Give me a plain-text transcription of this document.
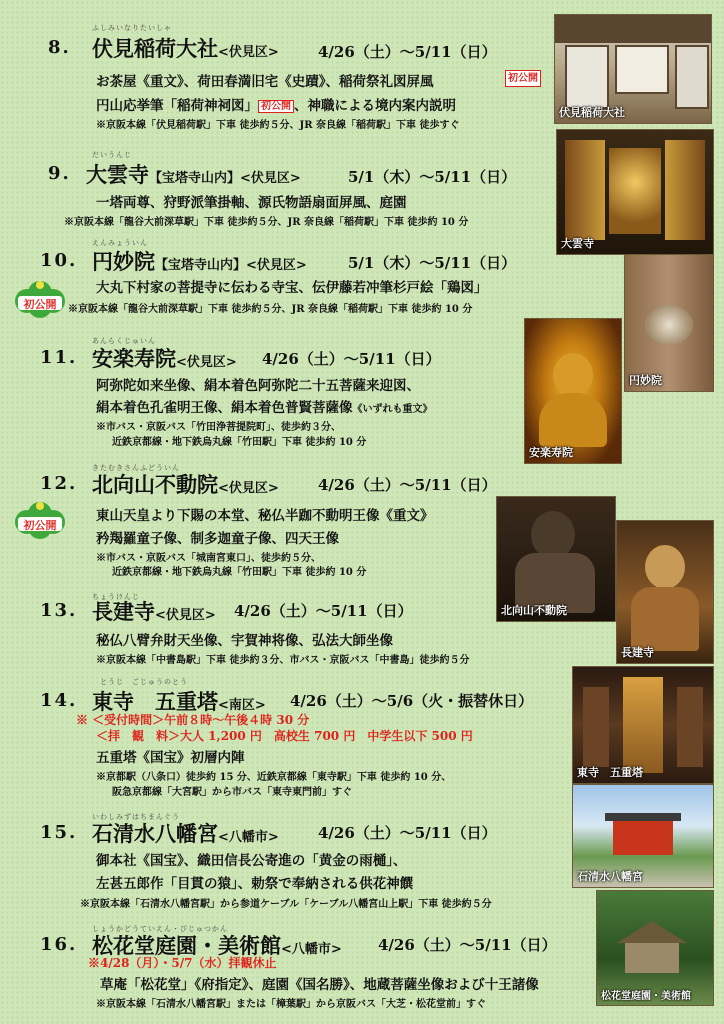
ふしみいなりたいしゃ
8. 伏見稲荷大社<伏見区>	4/26（土）～5/11（日）
お茶屋《重文》、荷田春満旧宅《史蹟》、稲荷祭礼図屏風	初公開
円山応挙筆「稲荷神祠図」 初公開 、神職による境内案内説明
※京阪本線「伏見稲荷駅」下車 徒歩約５分、JR 奈良線「稲荷駅」下車 徒歩すぐ
伏見稲荷大社
だいうんじ
9. 大雲寺【宝塔寺山内】<伏見区>	5/1（木）～5/11（日）
一塔両尊、狩野派筆掛軸、源氏物語扇面屏風、庭園
※京阪本線「龍谷大前深草駅」下車 徒歩約５分、JR 奈良線「稲荷駅」下車 徒歩約 10 分
大雲寺
えんみょういん
10. 円妙院【宝塔寺山内】<伏見区>	5/1（木）～5/11（日）
大丸下村家の菩提寺に伝わる寺宝、伝伊藤若冲筆杉戸絵「鶏図」
初公開	※京阪本線「龍谷大前深草駅」下車 徒歩約５分、JR 奈良線「稲荷駅」下車 徒歩約 10 分
円妙院
あんらくじゅいん
11. 安楽寿院<伏見区> 4/26（土）～5/11（日）
阿弥陀如来坐像、絹本着色阿弥陀二十五菩薩来迎図、
絹本着色孔雀明王像、絹本着色普賢菩薩像《いずれも重文》
※市バス・京阪バス「竹田浄菩提院町」、徒歩約３分、
近鉄京都線・地下鉄烏丸線「竹田駅」下車 徒歩約 10 分
安楽寿院
きたむきさんふどういん
12. 北向山不動院<伏見区>	4/26（土）～5/11（日）
初公開
東山天皇より下賜の本堂、秘仏半跏不動明王像《重文》
矜羯羅童子像、制多迦童子像、四天王像
※市バス・京阪バス「城南宮東口」、徒歩約５分、
近鉄京都線・地下鉄烏丸線「竹田駅」下車 徒歩約 10 分
北向山不動院
長建寺
ちょうけんじ
13. 長建寺<伏見区> 4/26（土）～5/11（日）
秘仏八臂弁財天坐像、宇賀神将像、弘法大師坐像
※京阪本線「中書島駅」下車 徒歩約３分、市バス・京阪バス「中書島」徒歩約５分
とうじ　ごじゅうのとう
14. 東寺　五重塔<南区> 4/26（土）～5/6（火・振替休日）
※ ＜受付時間＞午前８時～午後４時 30 分
＜拝　観　料＞大人 1,200 円　高校生 700 円　中学生以下 500 円
五重塔《国宝》初層内陣
※京都駅（八条口）徒歩約 15 分、近鉄京都線「東寺駅」下車 徒歩約 10 分、
阪急京都線「大宮駅」から市バス「東寺東門前」すぐ
東寺　五重塔
いわしみずはちまんぐう
15. 石清水八幡宮<八幡市>	4/26（土）～5/11（日）
御本社《国宝》、織田信長公寄進の「黄金の雨樋」、
左甚五郎作「目貫の猿」、勅祭で奉納される供花神饌
※京阪本線「石清水八幡宮駅」から参道ケーブル「ケーブル八幡宮山上駅」下車 徒歩約５分
石清水八幡宮
しょうかどうていえん・びじゅつかん
16. 松花堂庭園・美術館<八幡市> 4/26（土）～5/11（日）
※4/28（月）・5/7（水）拝観休止
草庵「松花堂」《府指定》、庭園《国名勝》、地蔵菩薩坐像および十王諸像
※京阪本線「石清水八幡宮駅」または「樟葉駅」から京阪バス「大芝・松花堂前」すぐ
松花堂庭園・美術館
